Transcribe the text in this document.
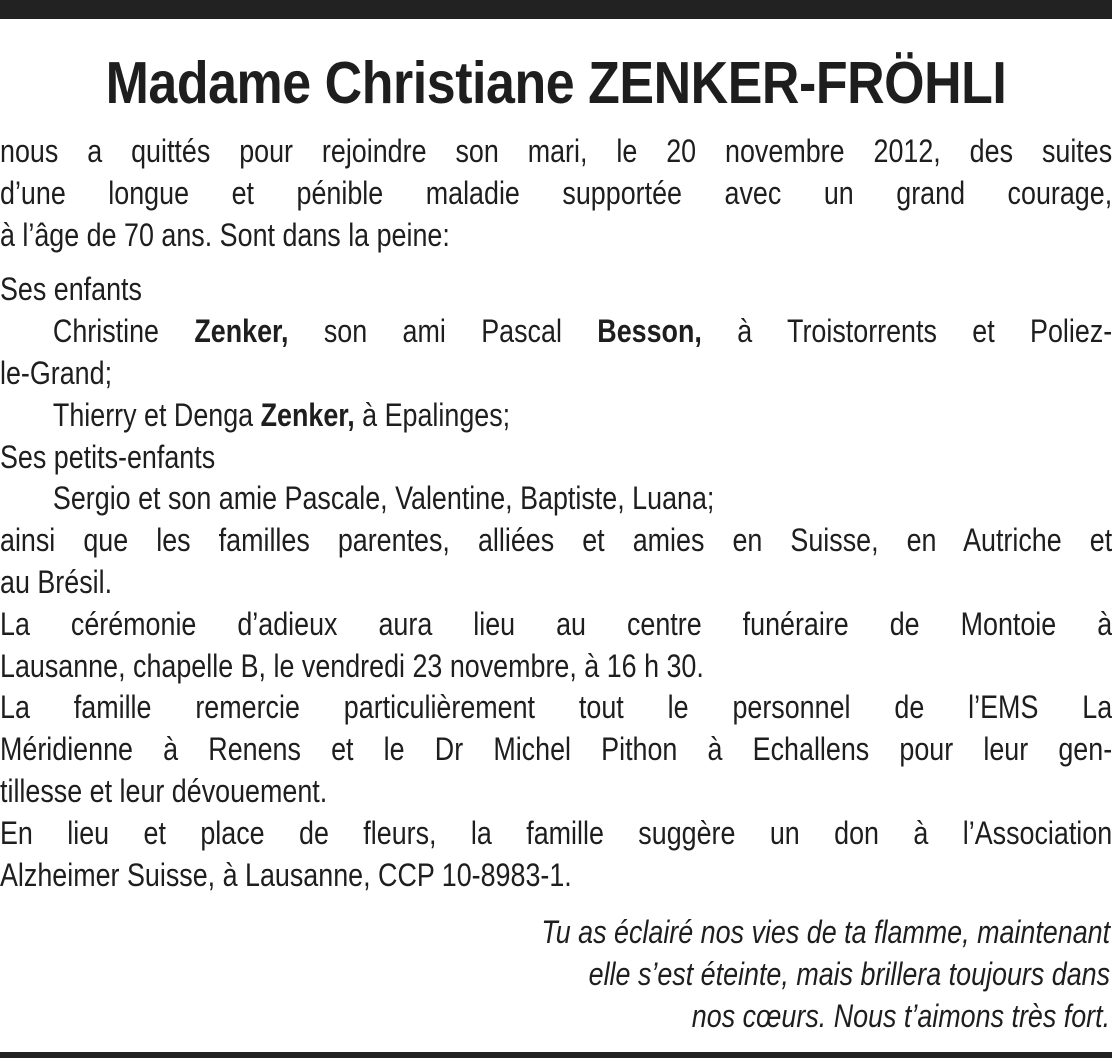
Madame Christiane ZENKER-FRÖHLI
nous a quittés pour rejoindre son mari, le 20 novembre 2012, des suites
d’une longue et pénible maladie supportée avec un grand courage,
à l’âge de 70 ans. Sont dans la peine:
Ses enfants
Christine Zenker, son ami Pascal Besson, à Troistorrents et Poliez-
le-Grand;
Thierry et Denga Zenker, à Epalinges;
Ses petits-enfants
Sergio et son amie Pascale, Valentine, Baptiste, Luana;
ainsi que les familles parentes, alliées et amies en Suisse, en Autriche et
au Brésil.
La cérémonie d’adieux aura lieu au centre funéraire de Montoie à
Lausanne, chapelle B, le vendredi 23 novembre, à 16 h 30.
La famille remercie particulièrement tout le personnel de l’EMS La
Méridienne à Renens et le Dr Michel Pithon à Echallens pour leur gen-
tillesse et leur dévouement.
En lieu et place de fleurs, la famille suggère un don à l’Association
Alzheimer Suisse, à Lausanne, CCP 10-8983-1.
Tu as éclairé nos vies de ta flamme, maintenant
elle s’est éteinte, mais brillera toujours dans
nos cœurs. Nous t’aimons très fort.
